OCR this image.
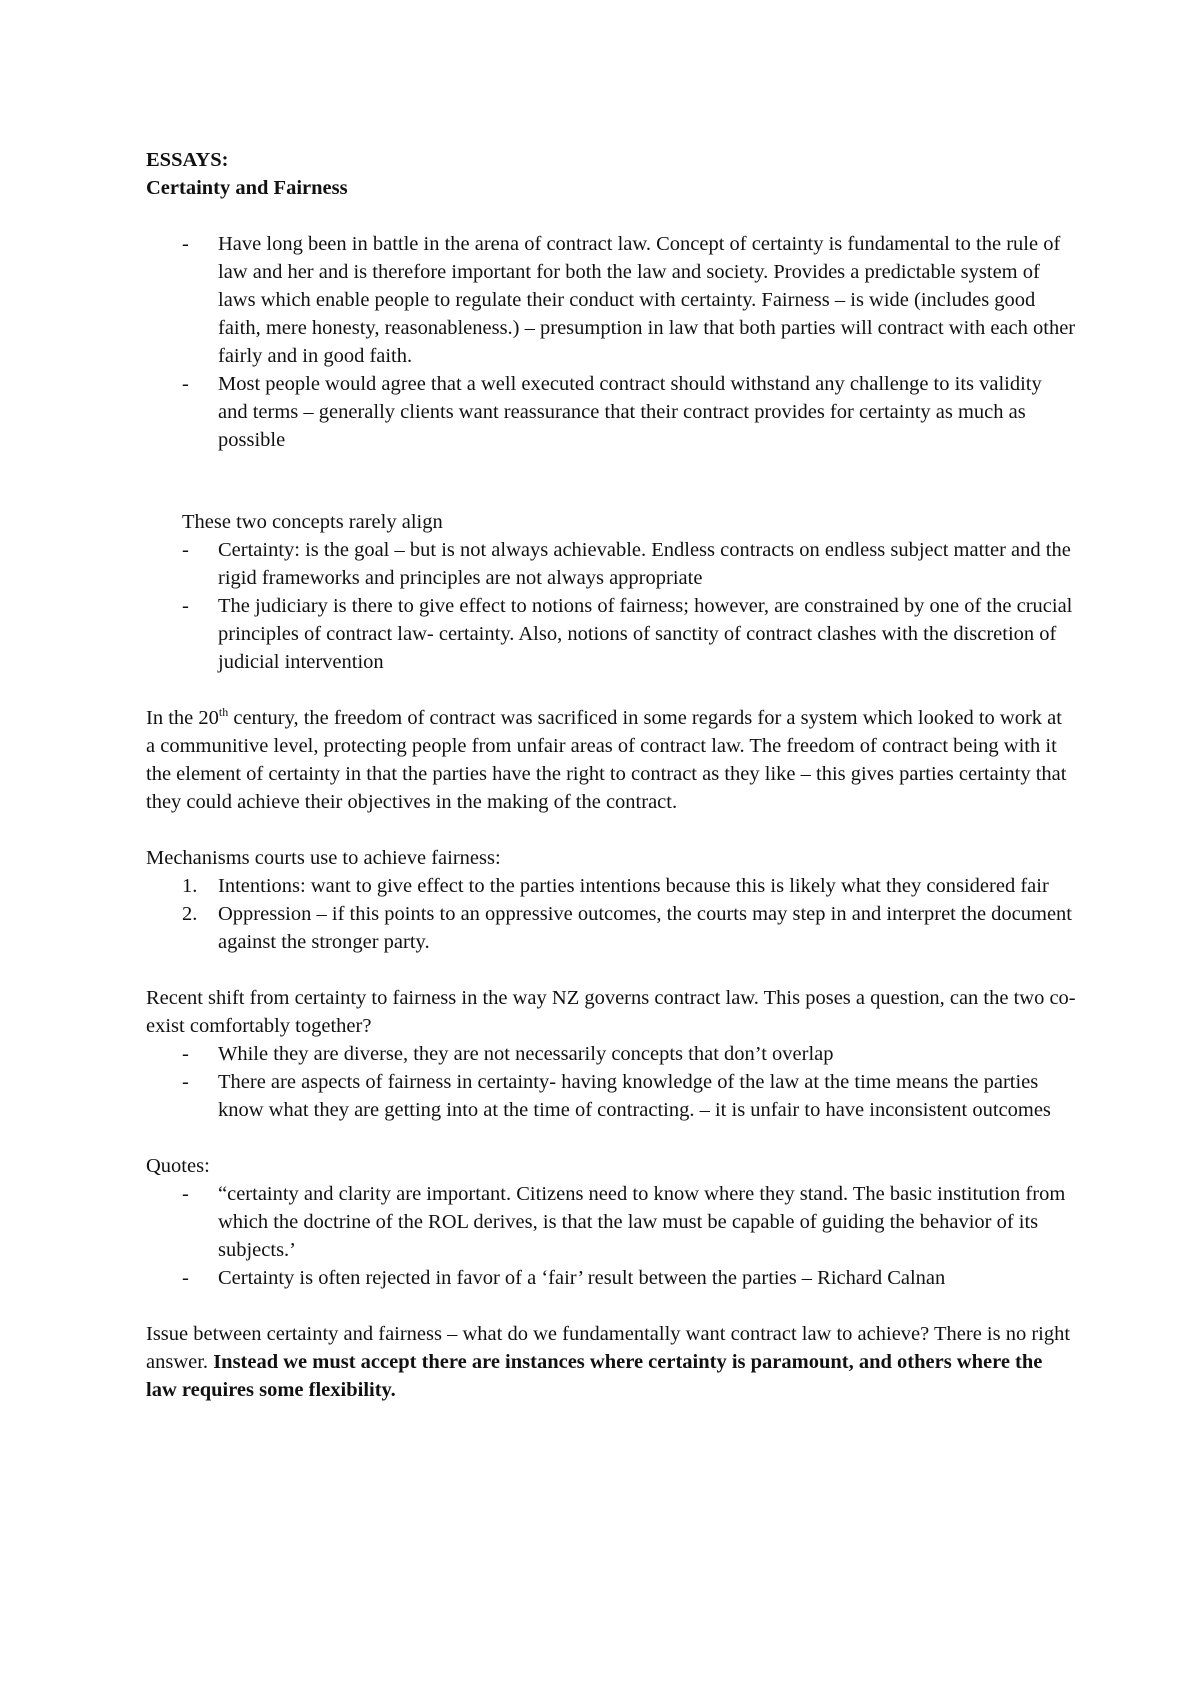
ESSAYS:

Certainty and Fairness

-	Have long been in battle in the arena of contract law. Concept of certainty is fundamental to the rule of law and her and is therefore important for both the law and society. Provides a predictable system of laws which enable people to regulate their conduct with certainty. Fairness – is wide (includes good faith, mere honesty, reasonableness.) – presumption in law that both parties will contract with each other fairly and in good faith.
-	Most people would agree that a well executed contract should withstand any challenge to its validity and terms – generally clients want reassurance that their contract provides for certainty as much as possible

These two concepts rarely align

-	Certainty: is the goal – but is not always achievable. Endless contracts on endless subject matter and the rigid frameworks and principles are not always appropriate
-	The judiciary is there to give effect to notions of fairness; however, are constrained by one of the crucial principles of contract law- certainty. Also, notions of sanctity of contract clashes with the discretion of judicial intervention

In the 20th century, the freedom of contract was sacrificed in some regards for a system which looked to work at a communitive level, protecting people from unfair areas of contract law. The freedom of contract being with it the element of certainty in that the parties have the right to contract as they like – this gives parties certainty that they could achieve their objectives in the making of the contract.

Mechanisms courts use to achieve fairness:

1.	Intentions: want to give effect to the parties intentions because this is likely what they considered fair
2.	Oppression – if this points to an oppressive outcomes, the courts may step in and interpret the document against the stronger party.

Recent shift from certainty to fairness in the way NZ governs contract law. This poses a question, can the two co-exist comfortably together?

-	While they are diverse, they are not necessarily concepts that don’t overlap
-	There are aspects of fairness in certainty- having knowledge of the law at the time means the parties know what they are getting into at the time of contracting. – it is unfair to have inconsistent outcomes

Quotes:

-	“certainty and clarity are important. Citizens need to know where they stand. The basic institution from which the doctrine of the ROL derives, is that the law must be capable of guiding the behavior of its subjects.’
-	Certainty is often rejected in favor of a ‘fair’ result between the parties – Richard Calnan

Issue between certainty and fairness – what do we fundamentally want contract law to achieve? There is no right answer. Instead we must accept there are instances where certainty is paramount, and others where the law requires some flexibility.
